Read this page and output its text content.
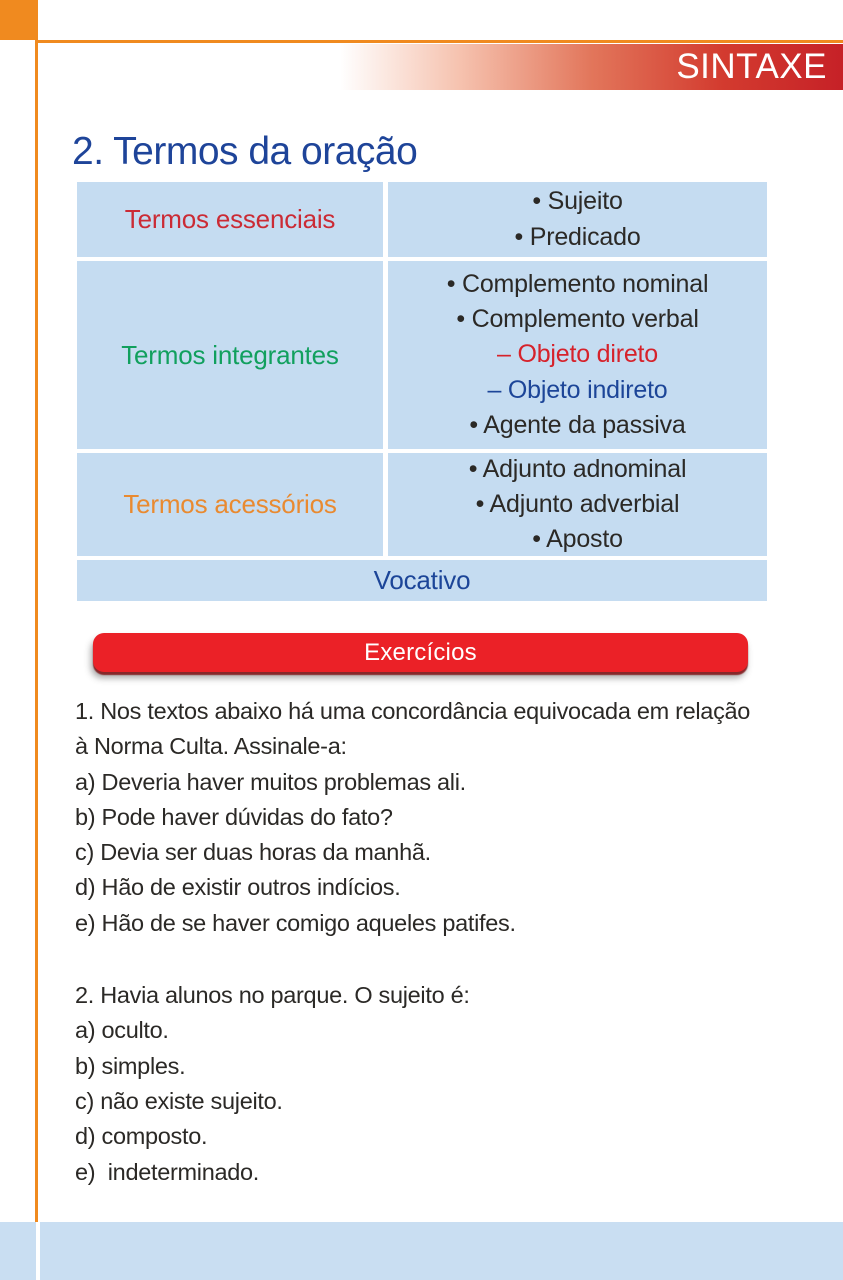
SINTAXE
2. Termos da oração
Termos essenciais
• Sujeito
• Predicado
Termos integrantes
• Complemento nominal
• Complemento verbal
– Objeto direto
– Objeto indireto
• Agente da passiva
Termos acessórios
• Adjunto adnominal
• Adjunto adverbial
• Aposto
Vocativo
Exercícios
1. Nos textos abaixo há uma concordância equivocada em relação
à Norma Culta. Assinale-a:
a) Deveria haver muitos problemas ali.
b) Pode haver dúvidas do fato?
c) Devia ser duas horas da manhã.
d) Hão de existir outros indícios.
e) Hão de se haver comigo aqueles patifes.
2. Havia alunos no parque. O sujeito é:
a) oculto.
b) simples.
c) não existe sujeito.
d) composto.
e)  indeterminado.
